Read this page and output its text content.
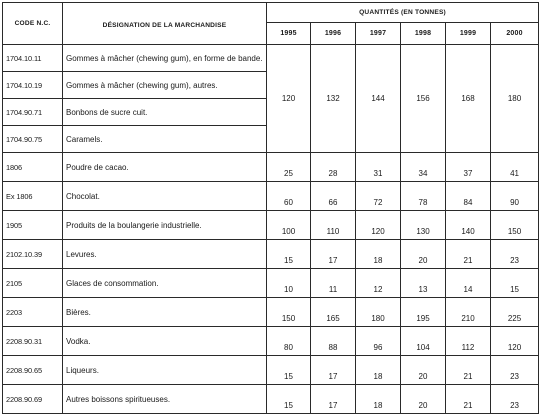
CODE N.C.	DÉSIGNATION DE LA MARCHANDISE	QUANTITÉS (EN TONNES)					
		1995	1996	1997	1998	1999	2000
1704.10.11	Gommes à mâcher (chewing gum), en forme de bande.	120	132	144	156	168	180
1704.10.19	Gommes à mâcher (chewing gum), autres.						
1704.90.71	Bonbons de sucre cuit.						
1704.90.75	Caramels.						
1806	Poudre de cacao.	25	28	31	34	37	41
Ex 1806	Chocolat.	60	66	72	78	84	90
1905	Produits de la boulangerie industrielle.	100	110	120	130	140	150
2102.10.39	Levures.	15	17	18	20	21	23
2105	Glaces de consommation.	10	11	12	13	14	15
2203	Bières.	150	165	180	195	210	225
2208.90.31	Vodka.	80	88	96	104	112	120
2208.90.65	Liqueurs.	15	17	18	20	21	23
2208.90.69	Autres boissons spiritueuses.	15	17	18	20	21	23
